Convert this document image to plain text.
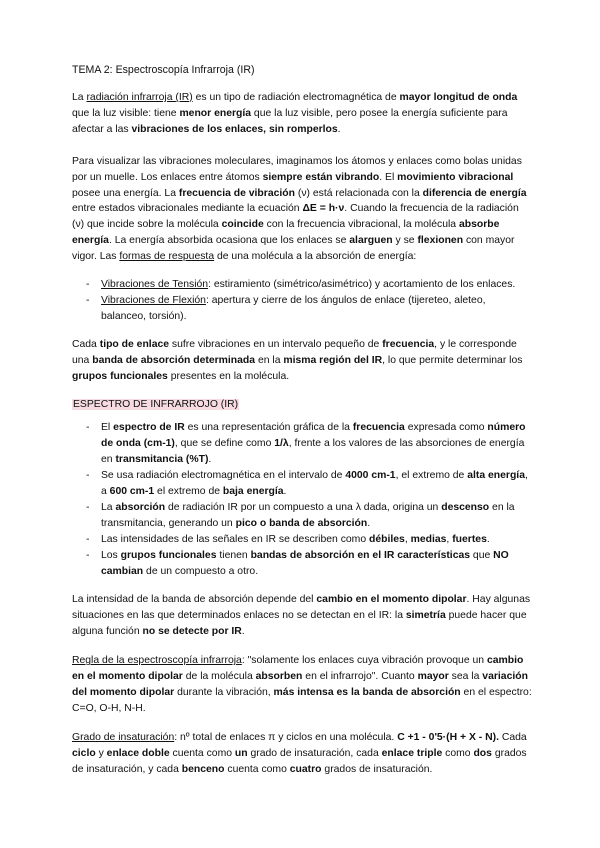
TEMA 2: Espectroscopía Infrarroja (IR)

La radiación infrarroja (IR) es un tipo de radiación electromagnética de mayor longitud de onda que la luz visible: tiene menor energía que la luz visible, pero posee la energía suficiente para afectar a las vibraciones de los enlaces, sin romperlos.

Para visualizar las vibraciones moleculares, imaginamos los átomos y enlaces como bolas unidas por un muelle. Los enlaces entre átomos siempre están vibrando. El movimiento vibracional posee una energía. La frecuencia de vibración (ν) está relacionada con la diferencia de energía entre estados vibracionales mediante la ecuación ΔE = h·ν. Cuando la frecuencia de la radiación (ν) que incide sobre la molécula coincide con la frecuencia vibracional, la molécula absorbe energía. La energía absorbida ocasiona que los enlaces se alarguen y se flexionen con mayor vigor. Las formas de respuesta de una molécula a la absorción de energía:

- Vibraciones de Tensión: estiramiento (simétrico/asimétrico) y acortamiento de los enlaces.
- Vibraciones de Flexión: apertura y cierre de los ángulos de enlace (tijereteo, aleteo, balanceo, torsión).

Cada tipo de enlace sufre vibraciones en un intervalo pequeño de frecuencia, y le corresponde una banda de absorción determinada en la misma región del IR, lo que permite determinar los grupos funcionales presentes en la molécula.

ESPECTRO DE INFRARROJO (IR)

- El espectro de IR es una representación gráfica de la frecuencia expresada como número de onda (cm-1), que se define como 1/λ, frente a los valores de las absorciones de energía en transmitancia (%T).
- Se usa radiación electromagnética en el intervalo de 4000 cm-1, el extremo de alta energía, a 600 cm-1 el extremo de baja energía.
- La absorción de radiación IR por un compuesto a una λ dada, origina un descenso en la transmitancia, generando un pico o banda de absorción.
- Las intensidades de las señales en IR se describen como débiles, medias, fuertes.
- Los grupos funcionales tienen bandas de absorción en el IR características que NO cambian de un compuesto a otro.

La intensidad de la banda de absorción depende del cambio en el momento dipolar. Hay algunas situaciones en las que determinados enlaces no se detectan en el IR: la simetría puede hacer que alguna función no se detecte por IR.

Regla de la espectroscopía infrarroja: "solamente los enlaces cuya vibración provoque un cambio en el momento dipolar de la molécula absorben en el infrarrojo". Cuanto mayor sea la variación del momento dipolar durante la vibración, más intensa es la banda de absorción en el espectro: C=O, O-H, N-H.

Grado de insaturación: nº total de enlaces π y ciclos en una molécula. C +1 - 0'5·(H + X - N). Cada ciclo y enlace doble cuenta como un grado de insaturación, cada enlace triple como dos grados de insaturación, y cada benceno cuenta como cuatro grados de insaturación.
